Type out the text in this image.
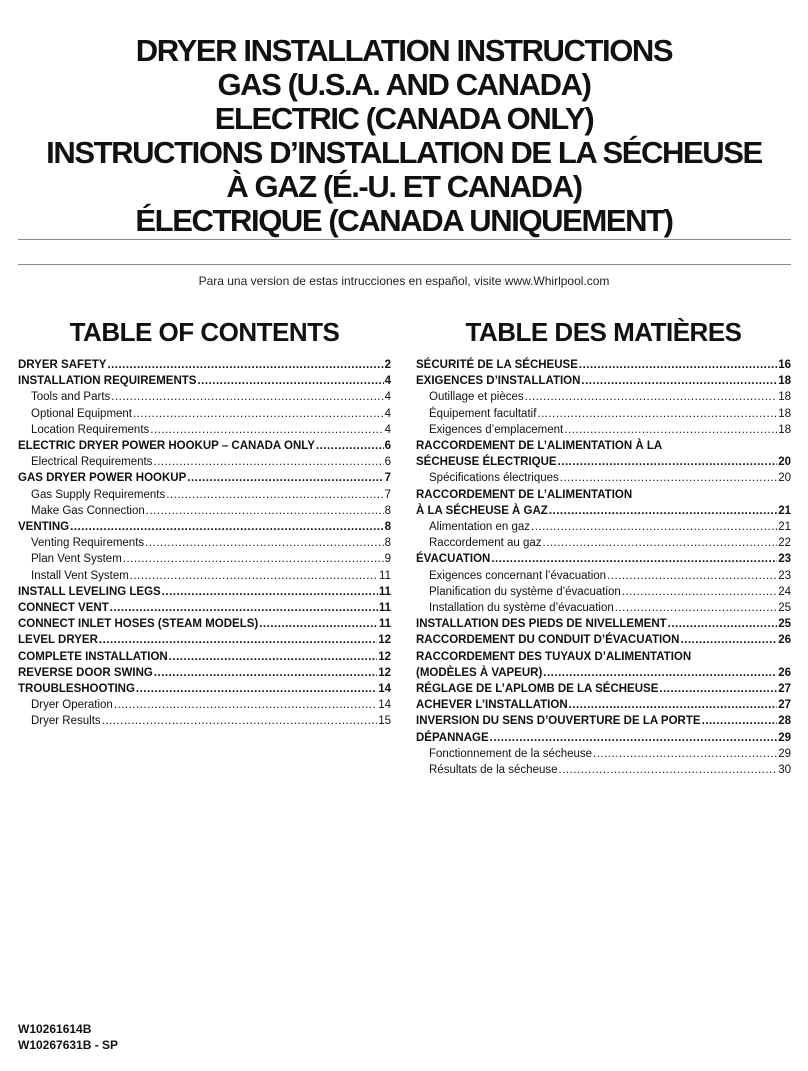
DRYER INSTALLATION INSTRUCTIONS
GAS (U.S.A. AND CANADA)
ELECTRIC (CANADA ONLY)
INSTRUCTIONS D’INSTALLATION DE LA SÉCHEUSE
À GAZ (É.-U. ET CANADA)
ÉLECTRIQUE (CANADA UNIQUEMENT)
Para una version de estas intrucciones en español, visite www.Whirlpool.com
TABLE OF CONTENTS
DRYER SAFETY .....	2
INSTALLATION REQUIREMENTS .....	4
Tools and Parts .....	4
Optional Equipment .....	4
Location Requirements .....	4
ELECTRIC DRYER POWER HOOKUP – CANADA ONLY .....	6
Electrical Requirements .....	6
GAS DRYER POWER HOOKUP .....	7
Gas Supply Requirements .....	7
Make Gas Connection .....	8
VENTING .....	8
Venting Requirements .....	8
Plan Vent System .....	9
Install Vent System .....	11
INSTALL LEVELING LEGS .....	11
CONNECT VENT .....	11
CONNECT INLET HOSES (STEAM MODELS) .....	11
LEVEL DRYER .....	12
COMPLETE INSTALLATION .....	12
REVERSE DOOR SWING .....	12
TROUBLESHOOTING .....	14
Dryer Operation .....	14
Dryer Results .....	15
TABLE DES MATIÈRES
SÉCURITÉ DE LA SÉCHEUSE .....	16
EXIGENCES D’INSTALLATION .....	18
Outillage et pièces .....	18
Équipement facultatif .....	18
Exigences d’emplacement .....	18
RACCORDEMENT DE L’ALIMENTATION À LA
SÉCHEUSE ÉLECTRIQUE .....	20
Spécifications électriques .....	20
RACCORDEMENT DE L’ALIMENTATION
À LA SÉCHEUSE À GAZ .....	21
Alimentation en gaz .....	21
Raccordement au gaz .....	22
ÉVACUATION .....	23
Exigences concernant l’évacuation .....	23
Planification du système d’évacuation .....	24
Installation du système d’évacuation .....	25
INSTALLATION DES PIEDS DE NIVELLEMENT .....	25
RACCORDEMENT DU CONDUIT D’ÉVACUATION .....	26
RACCORDEMENT DES TUYAUX D’ALIMENTATION
(MODÈLES À VAPEUR) .....	26
RÉGLAGE DE L’APLOMB DE LA SÉCHEUSE .....	27
ACHEVER L’INSTALLATION .....	27
INVERSION DU SENS D’OUVERTURE DE LA PORTE .....	28
DÉPANNAGE .....	29
Fonctionnement de la sécheuse .....	29
Résultats de la sécheuse .....	30
W10261614B
W10267631B - SP
